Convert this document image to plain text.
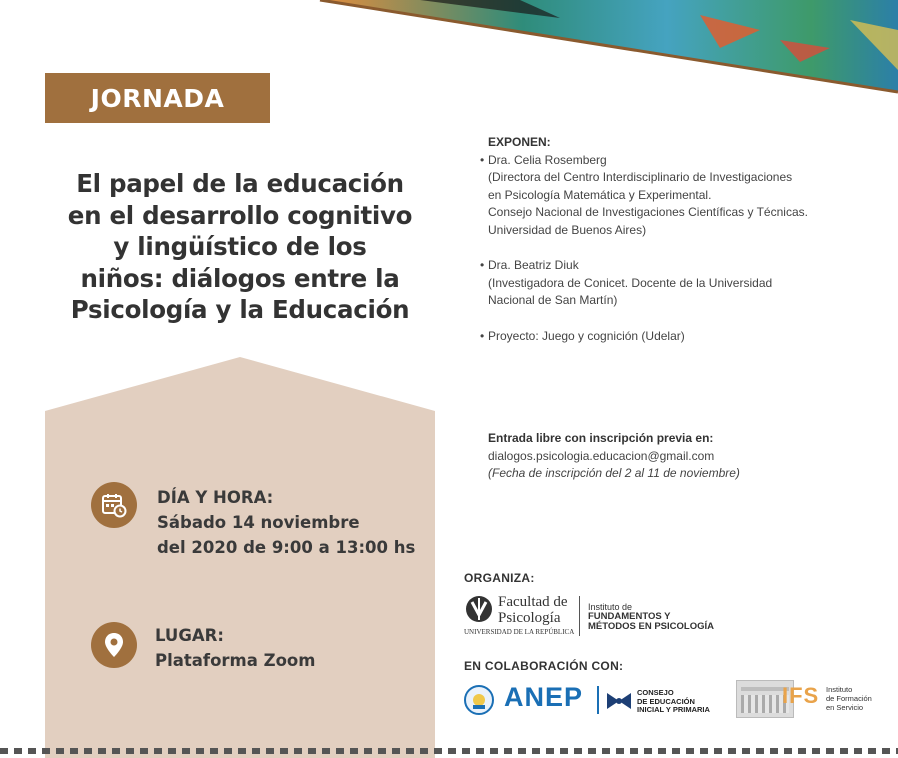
JORNADA
El papel de la educación
en el desarrollo cognitivo
y lingüístico de los
niños: diálogos entre la
Psicología y la Educación
DÍA Y HORA:
Sábado 14 noviembre
del 2020 de 9:00 a 13:00 hs
LUGAR:
Plataforma Zoom
EXPONEN:
• Dra. Celia Rosemberg
(Directora del Centro Interdisciplinario de Investigaciones
en Psicología Matemática y Experimental.
Consejo Nacional de Investigaciones Científicas y Técnicas.
Universidad de Buenos Aires)
• Dra. Beatriz Diuk
(Investigadora de Conicet. Docente de la Universidad
Nacional de San Martín)
• Proyecto: Juego y cognición (Udelar)
Entrada libre con inscripción previa en:
dialogos.psicologia.educacion@gmail.com
(Fecha de inscripción del 2 al 11 de noviembre)
ORGANIZA:
Facultad de
Psicología
UNIVERSIDAD DE LA REPÚBLICA
Instituto de
FUNDAMENTOS Y
MÉTODOS EN PSICOLOGÍA
EN COLABORACIÓN CON:
ANEP	CONSEJO
DE EDUCACIÓN
INICIAL Y PRIMARIA
IFS Instituto
de Formación
en Servicio
